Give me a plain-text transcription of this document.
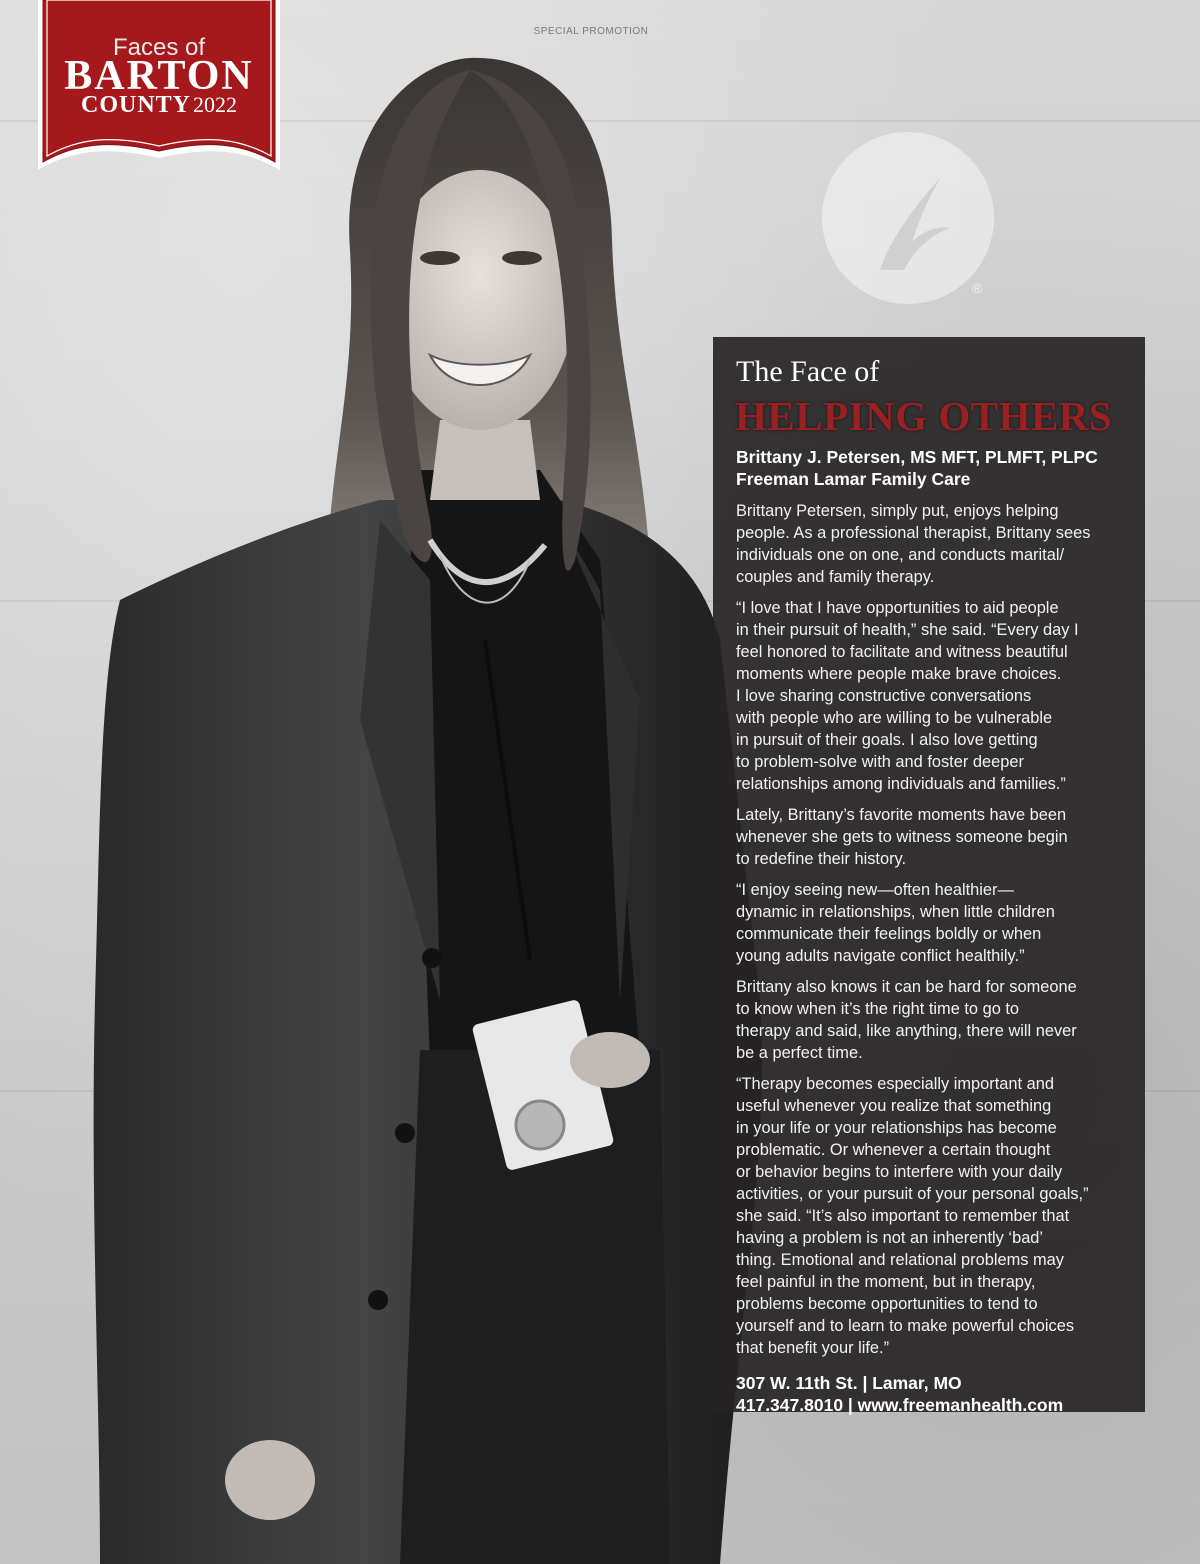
SPECIAL PROMOTION
®
Faces of
BARTON
COUNTY2022
The Face of
HELPING OTHERS
Brittany J. Petersen, MS MFT, PLMFT, PLPC
Freeman Lamar Family Care

Brittany Petersen, simply put, enjoys helping
people. As a professional therapist, Brittany sees
individuals one on one, and conducts marital/
couples and family therapy.

“I love that I have opportunities to aid people
in their pursuit of health,” she said. “Every day I
feel honored to facilitate and witness beautiful
moments where people make brave choices.
I love sharing constructive conversations
with people who are willing to be vulnerable
in pursuit of their goals. I also love getting
to problem-solve with and foster deeper
relationships among individuals and families.”

Lately, Brittany’s favorite moments have been
whenever she gets to witness someone begin
to redefine their history.

“I enjoy seeing new—often healthier—
dynamic in relationships, when little children
communicate their feelings boldly or when
young adults navigate conflict healthily.”

Brittany also knows it can be hard for someone
to know when it’s the right time to go to
therapy and said, like anything, there will never
be a perfect time.

“Therapy becomes especially important and
useful whenever you realize that something
in your life or your relationships has become
problematic. Or whenever a certain thought
or behavior begins to interfere with your daily
activities, or your pursuit of your personal goals,”
she said. “It’s also important to remember that
having a problem is not an inherently ‘bad’
thing. Emotional and relational problems may
feel painful in the moment, but in therapy,
problems become opportunities to tend to
yourself and to learn to make powerful choices
that benefit your life.”

307 W. 11th St. | Lamar, MO
417.347.8010 | www.freemanhealth.com
